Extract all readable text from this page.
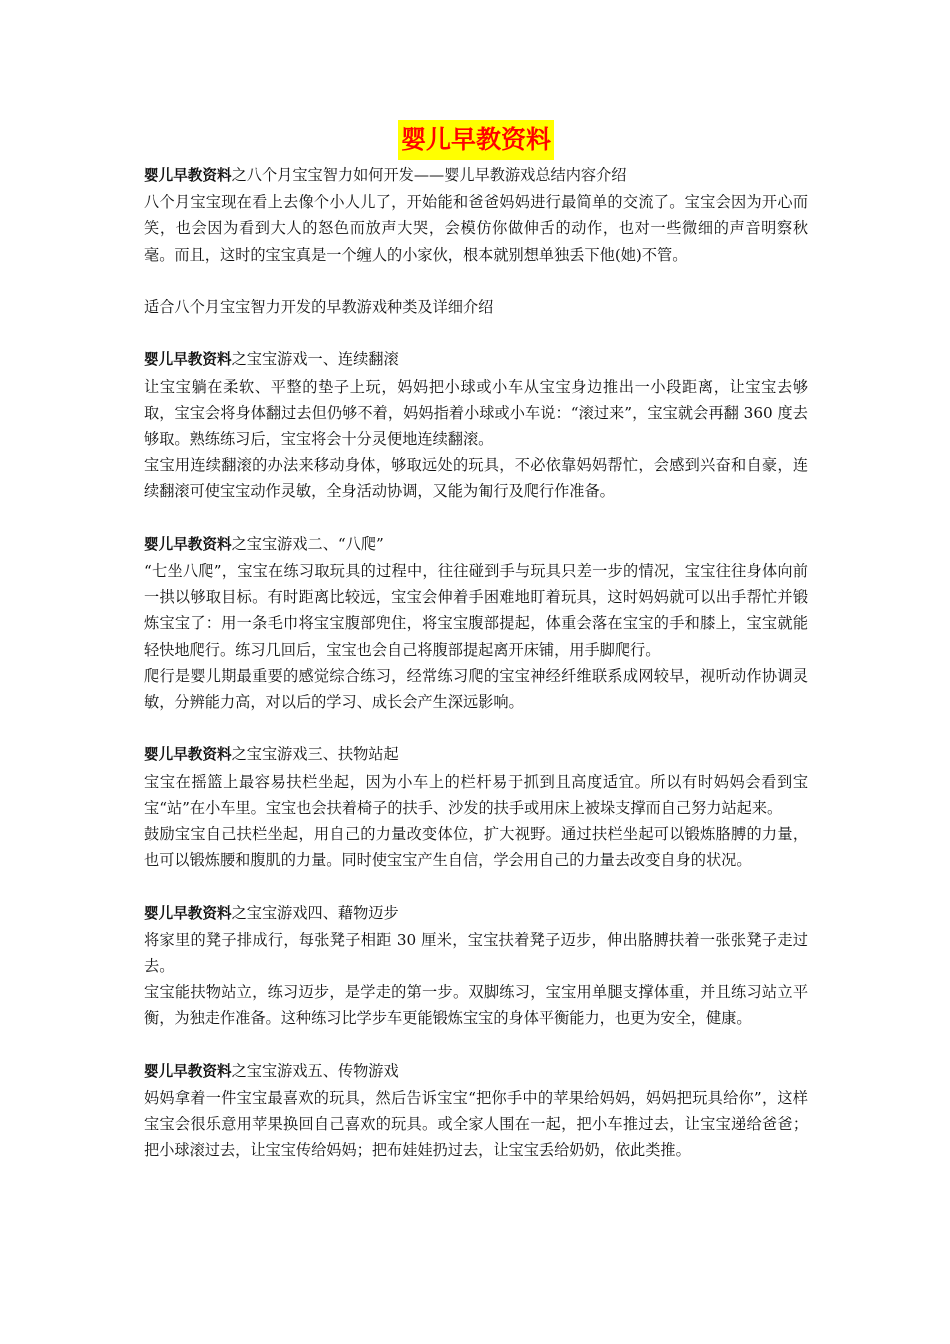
婴儿早教资料

婴儿早教资料之八个月宝宝智力如何开发——婴儿早教游戏总结内容介绍

八个月宝宝现在看上去像个小人儿了，开始能和爸爸妈妈进行最简单的交流了。宝宝会因为开心而笑，也会因为看到大人的怒色而放声大哭，会模仿你做伸舌的动作，也对一些微细的声音明察秋毫。而且，这时的宝宝真是一个缠人的小家伙，根本就别想单独丢下他(她)不管。

适合八个月宝宝智力开发的早教游戏种类及详细介绍

婴儿早教资料之宝宝游戏一、连续翻滚

让宝宝躺在柔软、平整的垫子上玩，妈妈把小球或小车从宝宝身边推出一小段距离，让宝宝去够取，宝宝会将身体翻过去但仍够不着，妈妈指着小球或小车说：“滚过来”，宝宝就会再翻 360 度去够取。熟练练习后，宝宝将会十分灵便地连续翻滚。

宝宝用连续翻滚的办法来移动身体，够取远处的玩具，不必依靠妈妈帮忙，会感到兴奋和自豪，连续翻滚可使宝宝动作灵敏，全身活动协调，又能为匍行及爬行作准备。

婴儿早教资料之宝宝游戏二、“八爬”

“七坐八爬”，宝宝在练习取玩具的过程中，往往碰到手与玩具只差一步的情况，宝宝往往身体向前一拱以够取目标。有时距离比较远，宝宝会伸着手困难地盯着玩具，这时妈妈就可以出手帮忙并锻炼宝宝了：用一条毛巾将宝宝腹部兜住，将宝宝腹部提起，体重会落在宝宝的手和膝上，宝宝就能轻快地爬行。练习几回后，宝宝也会自己将腹部提起离开床铺，用手脚爬行。

爬行是婴儿期最重要的感觉综合练习，经常练习爬的宝宝神经纤维联系成网较早，视听动作协调灵敏，分辨能力高，对以后的学习、成长会产生深远影响。

婴儿早教资料之宝宝游戏三、扶物站起

宝宝在摇篮上最容易扶栏坐起，因为小车上的栏杆易于抓到且高度适宜。所以有时妈妈会看到宝宝“站”在小车里。宝宝也会扶着椅子的扶手、沙发的扶手或用床上被垛支撑而自己努力站起来。

鼓励宝宝自己扶栏坐起，用自己的力量改变体位，扩大视野。通过扶栏坐起可以锻炼胳膊的力量，也可以锻炼腰和腹肌的力量。同时使宝宝产生自信，学会用自己的力量去改变自身的状况。

婴儿早教资料之宝宝游戏四、藉物迈步

将家里的凳子排成行，每张凳子相距 30 厘米，宝宝扶着凳子迈步，伸出胳膊扶着一张张凳子走过去。

宝宝能扶物站立，练习迈步，是学走的第一步。双脚练习，宝宝用单腿支撑体重，并且练习站立平衡，为独走作准备。这种练习比学步车更能锻炼宝宝的身体平衡能力，也更为安全，健康。

婴儿早教资料之宝宝游戏五、传物游戏

妈妈拿着一件宝宝最喜欢的玩具，然后告诉宝宝“把你手中的苹果给妈妈，妈妈把玩具给你”，这样宝宝会很乐意用苹果换回自己喜欢的玩具。或全家人围在一起，把小车推过去，让宝宝递给爸爸；把小球滚过去，让宝宝传给妈妈；把布娃娃扔过去，让宝宝丢给奶奶，依此类推。
